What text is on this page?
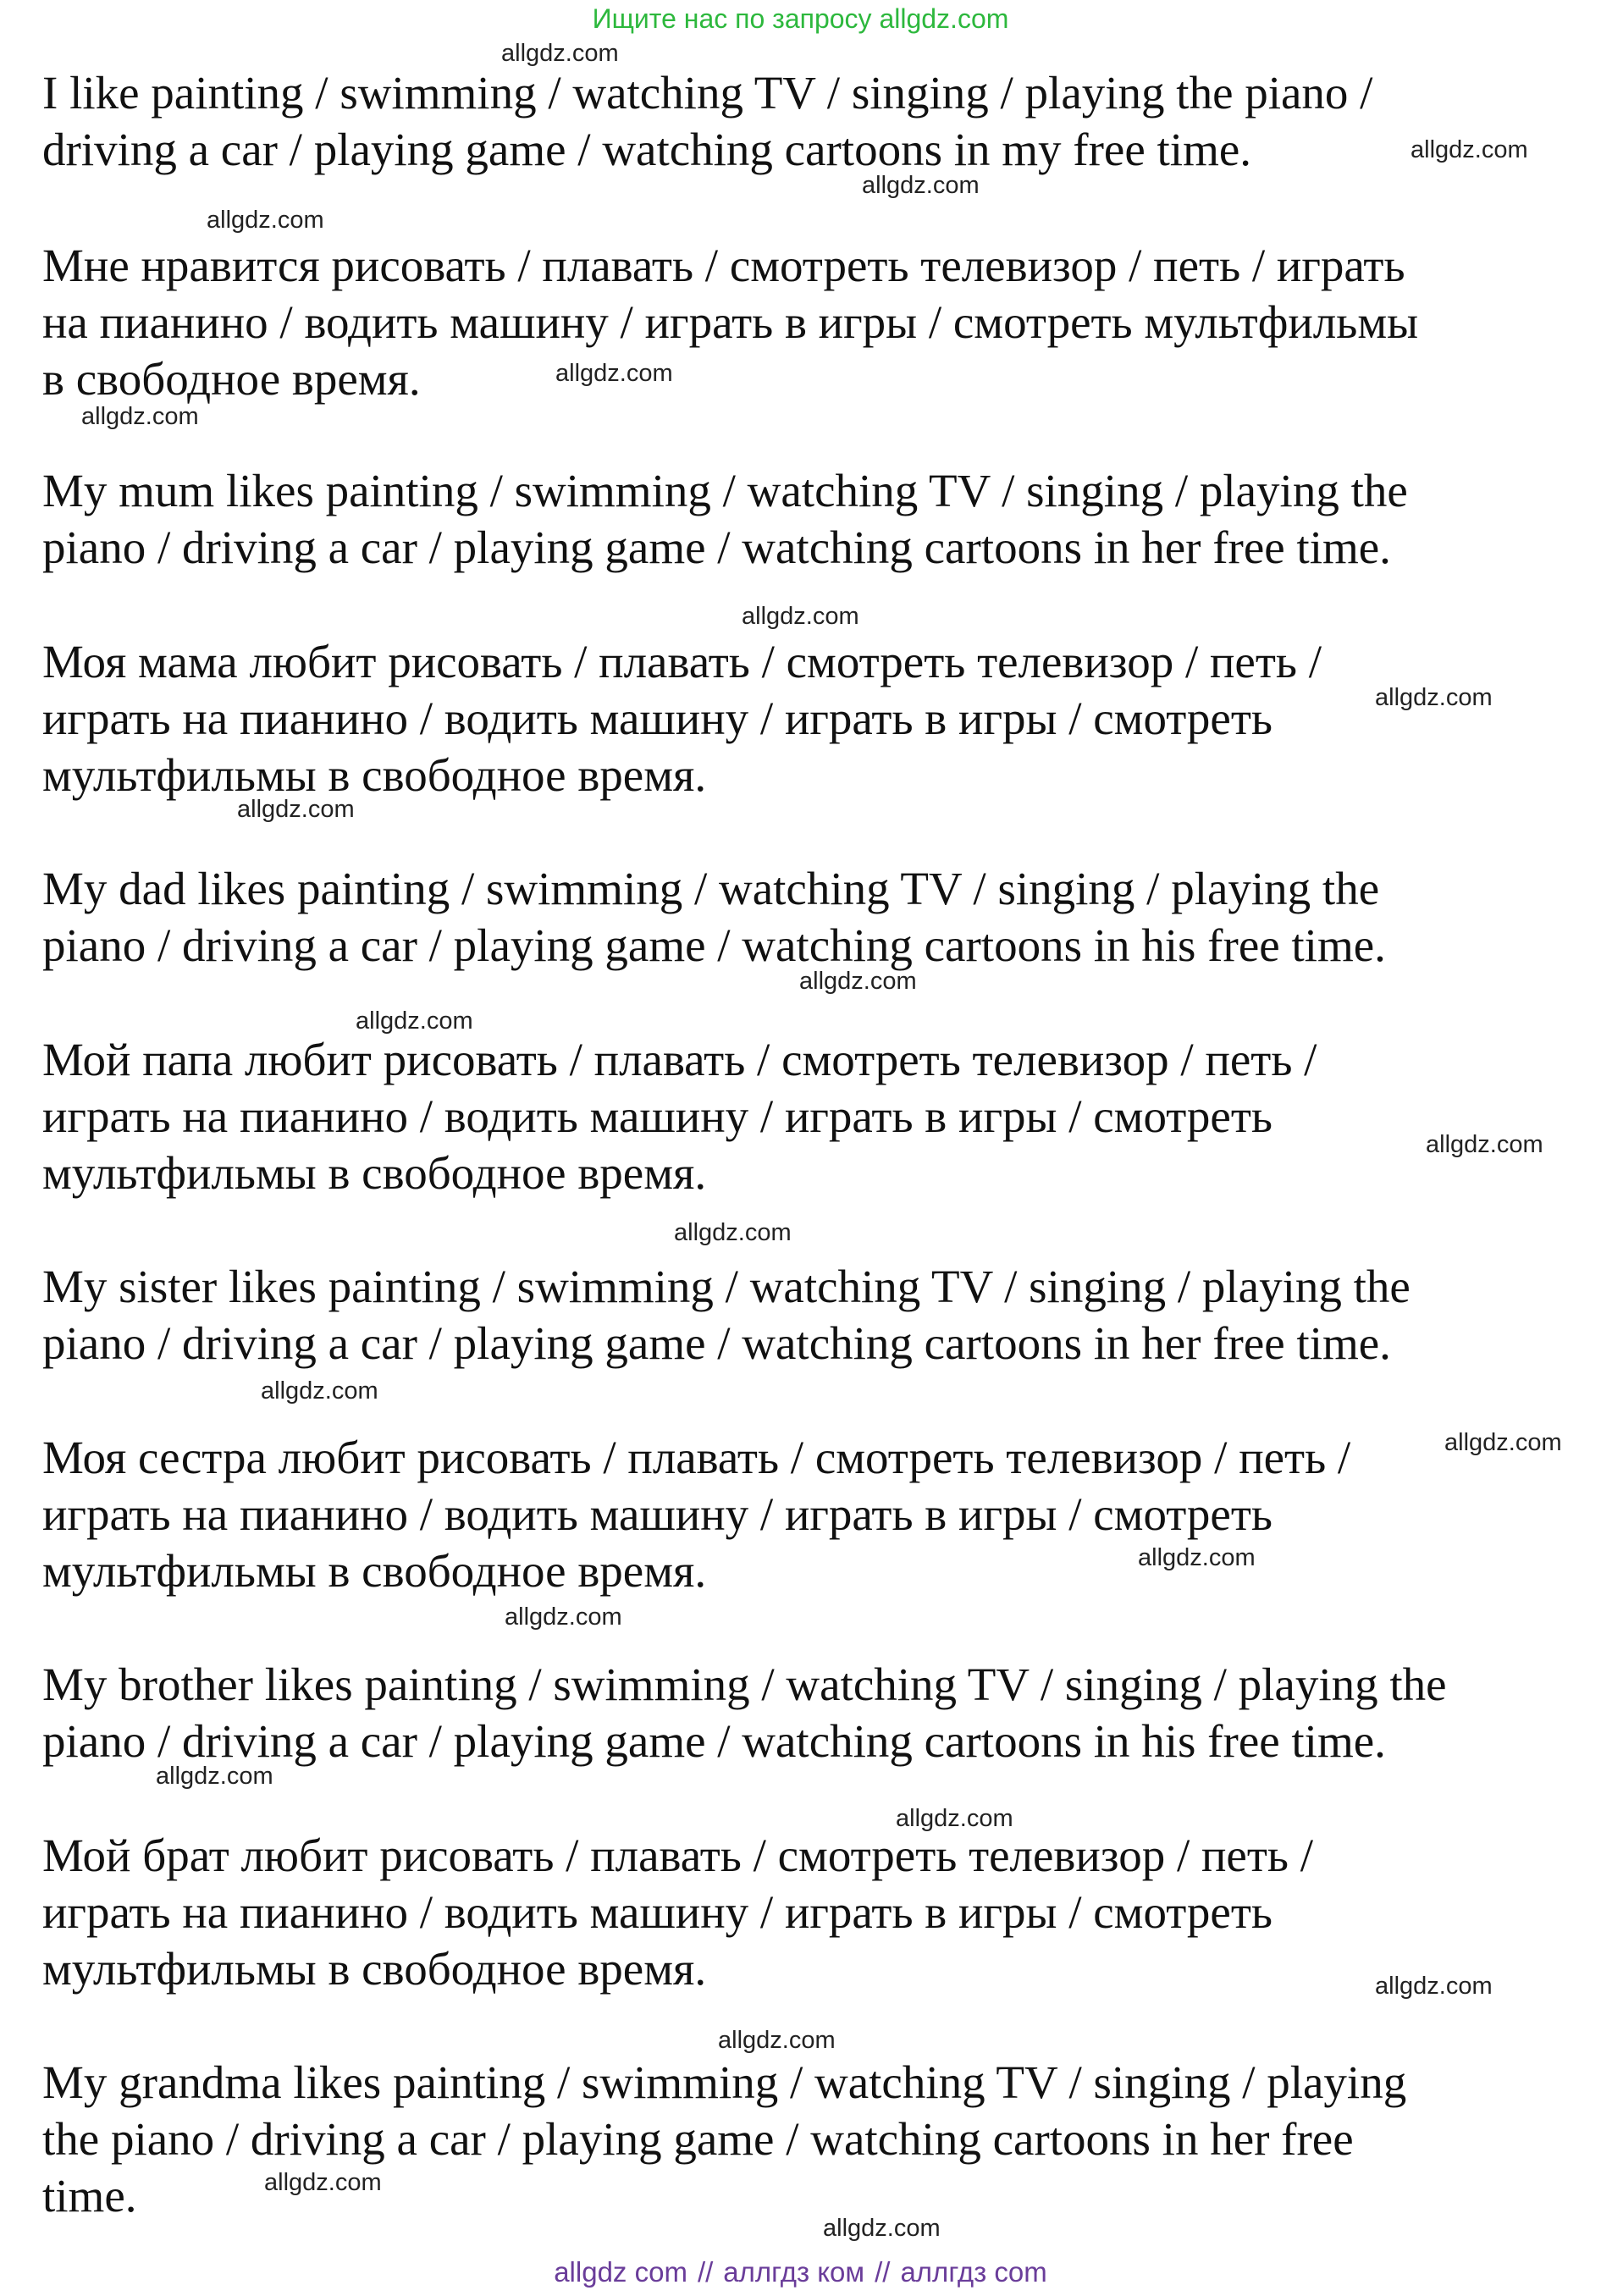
Ищите нас по запросу allgdz.com
I like painting / swimming / watching TV / singing / playing the piano /
driving a car / playing game / watching cartoons in my free time.
Мне нравится рисовать / плавать / смотреть телевизор / петь / играть
на пианино / водить машину / играть в игры / смотреть мультфильмы
в свободное время.
My mum likes painting / swimming / watching TV / singing / playing the
piano / driving a car / playing game / watching cartoons in her free time.
Моя мама любит рисовать / плавать / смотреть телевизор / петь /
играть на пианино / водить машину / играть в игры / смотреть
мультфильмы в свободное время.
My dad likes painting / swimming / watching TV / singing / playing the
piano / driving a car / playing game / watching cartoons in his free time.
Мой папа любит рисовать / плавать / смотреть телевизор / петь /
играть на пианино / водить машину / играть в игры / смотреть
мультфильмы в свободное время.
My sister likes painting / swimming / watching TV / singing / playing the
piano / driving a car / playing game / watching cartoons in her free time.
Моя сестра любит рисовать / плавать / смотреть телевизор / петь /
играть на пианино / водить машину / играть в игры / смотреть
мультфильмы в свободное время.
My brother likes painting / swimming / watching TV / singing / playing the
piano / driving a car / playing game / watching cartoons in his free time.
Мой брат любит рисовать / плавать / смотреть телевизор / петь /
играть на пианино / водить машину / играть в игры / смотреть
мультфильмы в свободное время.
My grandma likes painting / swimming / watching TV / singing / playing
the piano / driving a car / playing game / watching cartoons in her free
time.
allgdz.com
allgdz.com
allgdz.com
allgdz.com
allgdz.com
allgdz.com
allgdz.com
allgdz.com
allgdz.com
allgdz.com
allgdz.com
allgdz.com
allgdz.com
allgdz.com
allgdz.com
allgdz.com
allgdz.com
allgdz.com
allgdz.com
allgdz.com
allgdz.com
allgdz.com
allgdz.com
allgdz com // аллгдз ком // аллгдз com
